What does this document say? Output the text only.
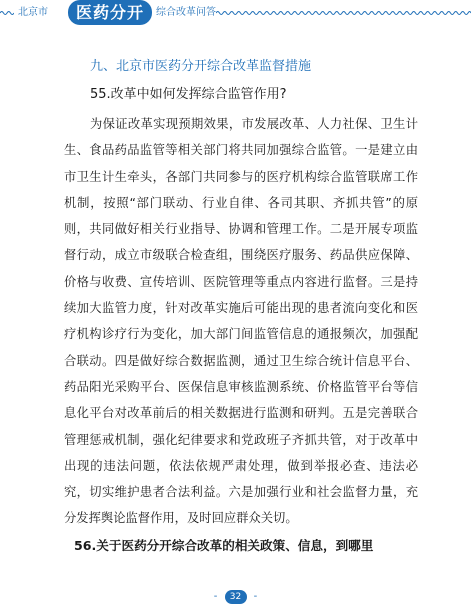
北京市	医药分开	综合改革问答
九、北京市医药分开综合改革监督措施
55.改革中如何发挥综合监管作用?

为保证改革实现预期效果，市发展改革、人力社保、卫生计生、食品药品监管等相关部门将共同加强综合监管。一是建立由市卫生计生牵头，各部门共同参与的医疗机构综合监管联席工作机制，按照“部门联动、行业自律、各司其职、齐抓共管”的原则，共同做好相关行业指导、协调和管理工作。二是开展专项监督行动，成立市级联合检查组，围绕医疗服务、药品供应保障、价格与收费、宣传培训、医院管理等重点内容进行监督。三是持续加大监管力度，针对改革实施后可能出现的患者流向变化和医疗机构诊疗行为变化，加大部门间监管信息的通报频次，加强配合联动。四是做好综合数据监测，通过卫生综合统计信息平台、药品阳光采购平台、医保信息审核监测系统、价格监管平台等信息化平台对改革前后的相关数据进行监测和研判。五是完善联合管理惩戒机制，强化纪律要求和党政班子齐抓共管，对于改革中出现的违法问题，依法依规严肃处理，做到举报必查、违法必究，切实维护患者合法利益。六是加强行业和社会监督力量，充分发挥舆论监督作用，及时回应群众关切。

56.关于医药分开综合改革的相关政策、信息，到哪里
- 32 -
